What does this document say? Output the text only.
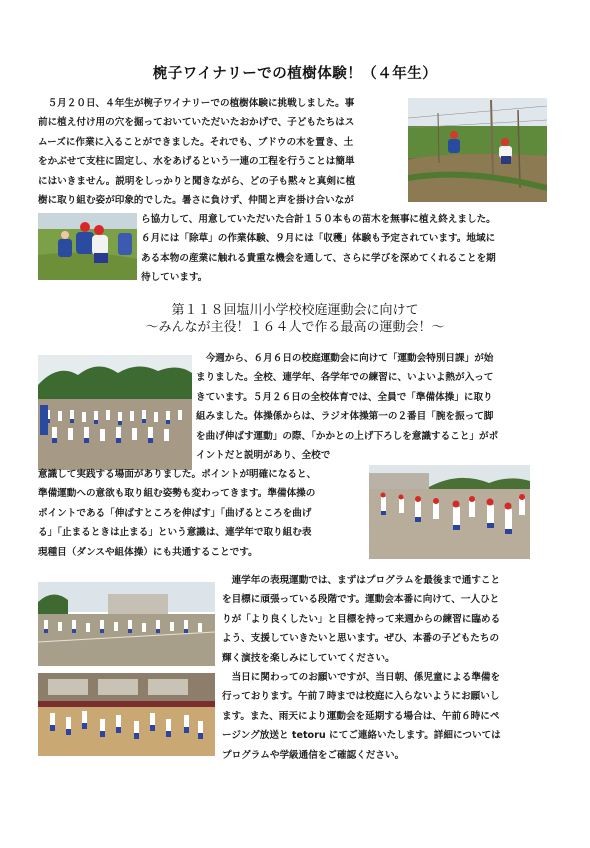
椀子ワイナリーでの植樹体験！（４年生）
　５月２０日、４年生が椀子ワイナリーでの植樹体験に挑戦しました。事
前に植え付け用の穴を掘っておいていただいたおかげで、子どもたちはス
ムーズに作業に入ることができました。それでも、ブドウの木を置き、土
をかぶせて支柱に固定し、水をあげるという一連の工程を行うことは簡単
にはいきません。説明をしっかりと聞きながら、どの子も黙々と真剣に植
樹に取り組む姿が印象的でした。暑さに負けず、仲間と声を掛け合いなが
ら協力して、用意していただいた合計１５０本もの苗木を無事に植え終えました。
６月には「除草」の作業体験、９月には「収穫」体験も予定されています。地域に
ある本物の産業に触れる貴重な機会を通して、さらに学びを深めてくれることを期
待しています。
第１１８回塩川小学校校庭運動会に向けて
～みんなが主役！１６４人で作る最高の運動会！～
　今週から、６月６日の校庭運動会に向けて「運動会特別日課」が始
まりました。全校、連学年、各学年での練習に、いよいよ熱が入って
きています。５月２６日の全校体育では、全員で「準備体操」に取り
組みました。体操係からは、ラジオ体操第一の２番目「腕を振って脚
を曲げ伸ばす運動」の際、「かかとの上げ下ろしを意識すること」がポ
イントだと説明があり、全校で
意識して実践する場面がありました。ポイントが明確になると、
準備運動への意欲も取り組む姿勢も変わってきます。準備体操の
ポイントである「伸ばすところを伸ばす」「曲げるところを曲げ
る」「止まるときは止まる」という意識は、連学年で取り組む表
現種目（ダンスや組体操）にも共通することです。
　連学年の表現運動では、まずはプログラムを最後まで通すこと
を目標に頑張っている段階です。運動会本番に向けて、一人ひと
りが「より良くしたい」と目標を持って来週からの練習に臨める
よう、支援していきたいと思います。ぜひ、本番の子どもたちの
輝く演技を楽しみにしていてください。
　当日に関わってのお願いですが、当日朝、係児童による準備を
行っております。午前７時までは校庭に入らないようにお願いし
ます。また、雨天により運動会を延期する場合は、午前６時にペ
ージング放送と tetoru にてご連絡いたします。詳細については
プログラムや学級通信をご確認ください。
